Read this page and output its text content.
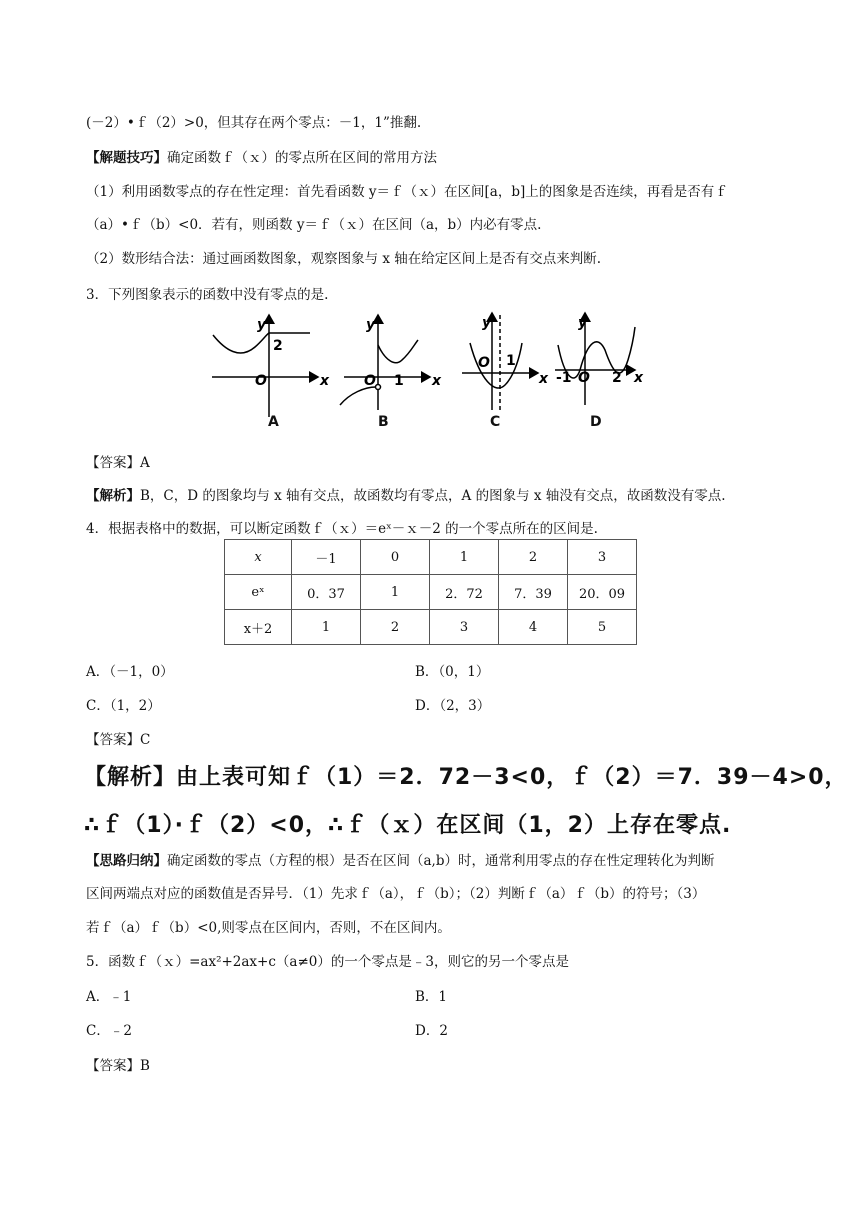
(－2）•ｆ（2）>0，但其存在两个零点：－1，1”推翻.
【解题技巧】确定函数ｆ（ｘ）的零点所在区间的常用方法
（1）利用函数零点的存在性定理：首先看函数 y＝ｆ（ｘ）在区间[a，b]上的图象是否连续，再看是否有ｆ
（a）•ｆ（b）<0．若有，则函数 y＝ｆ（ｘ）在区间（a，b）内必有零点.
（2）数形结合法：通过画函数图象，观察图象与 x 轴在给定区间上是否有交点来判断.
3．下列图象表示的函数中没有零点的是.
y
x
O
2
y
x
O 1
y
x
O 1
y
x
O
-1	2
A	B	C	D
【答案】A
【解析】B，C，D 的图象均与 x 轴有交点，故函数均有零点，A 的图象与 x 轴没有交点，故函数没有零点.
4．根据表格中的数据，可以断定函数ｆ（ｘ）＝eˣ－ｘ－2 的一个零点所在的区间是.
x	－1	0	1	2	3
eˣ	0．37	1	2．72	7．39	20．09
x＋2	1	2	3	4	5
A．（－1，0）	B．（0，1）
C．（1，2）	D．（2，3）
【答案】C
【解析】由上表可知ｆ（1）＝2．72－3<0，ｆ（2）＝7．39－4>0，
∴ｆ（1）·ｆ（2）<0，∴ｆ（ｘ）在区间（1，2）上存在零点.
【思路归纳】确定函数的零点（方程的根）是否在区间（a,b）时，通常利用零点的存在性定理转化为判断
区间两端点对应的函数值是否异号．（1）先求ｆ（a），ｆ（b）；（2）判断ｆ（a）ｆ（b）的符号；（3）
若ｆ（a）ｆ（b）<0,则零点在区间内，否则，不在区间内。
5．函数ｆ（ｘ）=ax²+2ax+c（a≠0）的一个零点是﹣3，则它的另一个零点是
A．﹣1	B．1
C．﹣2	D．2
【答案】B
